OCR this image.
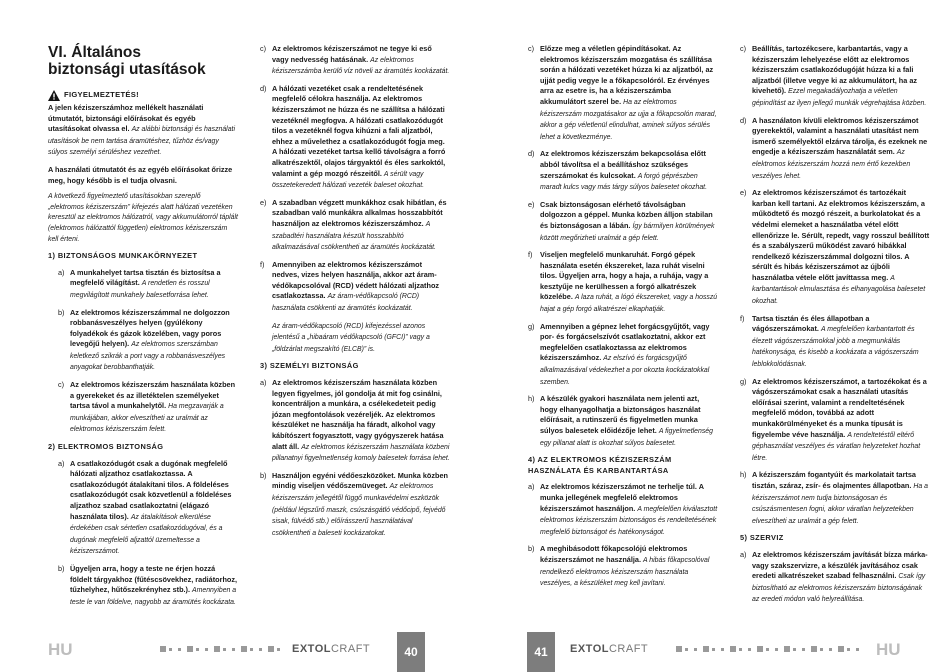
VI. Általános
biztonsági utasítások
FIGYELMEZTETÉS!

A jelen kéziszerszámhoz mellékelt használati útmutatót, biztonsági előírásokat és egyéb utasításokat olvassa el. Az alábbi biztonsági és használati utasítások be nem tartása áramütéshez, tűzhöz és/vagy súlyos személyi sérüléshez vezethet.

A használati útmutatót és az egyéb előírásokat őrizze meg, hogy később is el tudja olvasni.

A következő figyelmeztető utasításokban szereplő „elektromos kéziszerszám” kifejezés alatt hálózati vezetéken keresztül az elektromos hálózatról, vagy akkumulátorról táplált (elektromos hálózattól független) elektromos kéziszerszám kell érteni.

1) BIZTONSÁGOS MUNKAKÖRNYEZET
a) A munkahelyet tartsa tisztán és biztosítsa a megfelelő világítást. A rendetlen és rosszul megvilágított munkahely balesetforrása lehet.
b) Az elektromos kéziszerszámmal ne dolgozzon robbanásveszélyes helyen (gyúlékony folyadékok és gázok közelében, vagy poros levegőjű helyen). Az elektromos szerszámban keletkező szikrák a port vagy a robbanásveszélyes anyagokat berobbanthatják.
c) Az elektromos kéziszerszám használata közben a gyerekeket és az illetéktelen személyeket tartsa távol a munkahelytől. Ha megzavarják a munkájában, akkor elveszítheti az uralmát az elektromos kéziszerszám felett.
2) ELEKTROMOS BIZTONSÁG
a) A csatlakozódugót csak a dugónak megfelelő hálózati aljzathoz csatlakoztassa. A csatlakozódugót átalakítani tilos. A földeléses csatlakozódugót csak közvetlenül a földeléses aljzathoz szabad csatlakoztatni (elágazó használata tilos). Az átalakítások elkerülése érdekében csak sértetlen csatlakozódugóval, és a dugónak megfelelő aljzattól üzemeltesse a kéziszerszámot.
b) Ügyeljen arra, hogy a teste ne érjen hozzá földelt tárgyakhoz (fűtéscsövekhez, radiátorhoz, tűzhelyhez, hűtőszekrényhez stb.). Amennyiben a teste le van földelve, nagyobb az áramütés kockázata.
c) Az elektromos kéziszerszámot ne tegye ki eső vagy nedvesség hatásának. Az elektromos kéziszerszámba kerülő víz növeli az áramütés kockázatát.
d) A hálózati vezetéket csak a rendeltetésének megfelelő célokra használja. Az elektromos kéziszerszámot ne húzza és ne szállítsa a hálózati vezetéknél megfogva. A hálózati csatlakozódugót tilos a vezetéknél fogva kihúzni a fali aljzatból, ehhez a művelethez a csatlakozódugót fogja meg. A hálózati vezetéket tartsa kellő távolságra a forró alkatrészektől, olajos tárgyaktól és éles sarkoktól, valamint a gép mozgó részeitől. A sérült vagy összetekeredett hálózati vezeték baleset okozhat.
e) A szabadban végzett munkákhoz csak hibátlan, és szabadban való munkákra alkalmas hosszabbítót használjon az elektromos kéziszerszámhoz. A szabadtéri használatra készült hosszabbító alkalmazásával csökkentheti az áramütés kockázatát.
f)	Amennyiben az elektromos kéziszerszámot nedves, vizes helyen használja, akkor azt áram-védőkapcsolóval (RCD) védett hálózati aljzathoz csatlakoztassa. Az áram-védőkapcsoló (RCD) használata csökkenti az áramütés kockázatát.
Az áram-védőkapcsoló (RCD) kifejezéssel azonos jelentésű a „hibaáram védőkapcsoló (GFCI)” vagy a „földzárlat megszakító (ELCB)” is.
3) SZEMÉLYI BIZTONSÁG
a) Az elektromos kéziszerszám használata közben legyen figyelmes, jól gondolja át mit fog csinálni, koncentráljon a munkára, a csélekedeteit pedig józan megfontolások vezéreljék. Az elektromos készüléket ne használja ha fáradt, alkohol vagy kábítószert fogyasztott, vagy gyógyszerek hatása alatt áll. Az elektromos kéziszerszám használata közbeni pillanatnyi figyelmetlenség komoly balesetek forrása lehet.
b) Használjon egyéni védőeszközöket. Munka közben mindig viseljen védőszemüveget. Az elektromos kéziszerszám jellegétől függő munkavédelmi eszközök (például légszűrő maszk, csúszásgátló védőcipő, fejvédő sisak, fülvédő stb.) előírásszerű használatával csökkentheti a baleseti kockázatokat.
c) Előzze meg a véletlen gépindításokat. Az elektromos kéziszerszám mozgatása és szállítása során a hálózati vezetéket húzza ki az aljzatból, az ujját pedig vegye le a főkapcsolóról. Ez érvényes arra az esetre is, ha a kéziszerszámba akkumulátort szerel be. Ha az elektromos kéziszerszám mozgatásakor az ujja a főkapcsolón marad, akkor a gép véletlenül elindulhat, aminek súlyos sérülés lehet a következménye.
d) Az elektromos kéziszerszám bekapcsolása előtt abból távolítsa el a beállításhoz szükséges szerszámokat és kulcsokat. A forgó géprészben maradt kulcs vagy más tárgy súlyos balesetet okozhat.
e) Csak biztonságosan elérhető távolságban dolgozzon a géppel. Munka közben álljon stabilan és biztonságosan a lábán. Így bármilyen körülmények között megőrizheti uralmát a gép felett.
f)	Viseljen megfelelő munkaruhát. Forgó gépek használata esetén ékszereket, laza ruhát viselni tilos. Ügyeljen arra, hogy a haja, a ruhája, vagy a kesztyűje ne kerülhessen a forgó alkatrészek közelébe. A laza ruhát, a lógó ékszereket, vagy a hosszú hajat a gép forgó alkatrészei elkaphatják.
g) Amennyiben a gépnez lehet forgácsgyűjtőt, vagy por- és forgácselszívót csatlakoztatni, akkor ezt megfelelően csatlakoztassa az elektromos kéziszerszámhoz. Az elszívó és forgácsgyűjtő alkalmazásával védekezhet a por okozta kockázatokkal szemben.
h) A készülék gyakori használata nem jelenti azt, hogy elhanyagolhatja a biztonságos használat előírásait, a rutinszerű és figyelmetlen munka súlyos balesetek előidézője lehet. A figyelmetlenség egy pillanat alatt is okozhat súlyos balesetet.
4) AZ ELEKTROMOS KÉZISZERSZÁM HASZNÁLATA ÉS KARBANTARTÁSA
a) Az elektromos kéziszerszámot ne terhelje túl. A munka jellegének megfelelő elektromos kéziszerszámot használjon. A megfelelően kiválasztott elektromos kéziszerszám biztonságos és rendeltetésének megfelelő biztonságot és hatékonyságot.
b) A meghibásodott főkapcsolójú elektromos kéziszerszámot ne használja. A hibás főkapcsolóval rendelkező elektromos kéziszerszám használata veszélyes, a készüléket meg kell javítani.
c) Beállítás, tartozékcsere, karbantartás, vagy a kéziszerszám lehelyezése előtt az elektromos kéziszerszám csatlakozódugóját húzza ki a fali aljzatból (illetve vegye ki az akkumulátort, ha az kivehető). Ezzel megakadályozhatja a véletlen gépindítást az ilyen jellegű munkák végrehajtása közben.
d) A használaton kívüli elektromos kéziszerszámot gyerekektől, valamint a használati utasítást nem ismerő személyektől elzárva tárolja, és ezeknek ne engedje a kéziszerszám használatát sem. Az elektromos kéziszerszám hozzá nem értő kezekben veszélyes lehet.
e) Az elektromos kéziszerszámot és tartozékait karban kell tartani. Az elektromos kéziszerszám, a működtető és mozgó részeit, a burkolatokat és a védelmi elemeket a használatba vétel előtt ellenőrizze le. Sérült, repedt, vagy rosszul beállított és a szabályszerű működést zavaró hibákkal rendelkező kéziszerszámmal dolgozni tilos. A sérült és hibás kéziszerszámot az újbóli használatba vétele előtt javíttassa meg. A karbantartások elmulasztása és elhanyagolása balesetet okozhat.
f)	Tartsa tisztán és éles állapotban a vágószerszámokat. A megfelelően karbantartott és élezett vágószerszámokkal jobb a megmunkálás hatékonysága, és kisebb a kockázata a vágószerszám leblokkolódásnak.
g) Az elektromos kéziszerszámot, a tartozékokat és a vágószerszámokat csak a használati utasítás előírásai szerint, valamint a rendeltetésének megfelelő módon, továbbá az adott munkakörülményeket és a munka típusát is figyelembe véve használja. A rendeltetéstől eltérő géphasználat veszélyes és váratlan helyzeteket hozhat létre.
h) A kéziszerszám fogantyúit és markolatait tartsa tisztán, száraz, zsír- és olajmentes állapotban. Ha a kéziszerszámot nem tudja biztonságosan és csúszásmentesen fogni, akkor váratlan helyzetekben elveszítheti az uralmát a gép felett.
5) SZERVIZ
a) Az elektromos kéziszerszám javítását bízza márka- vagy szakszervizre, a készülék javításához csak eredeti alkatrészeket szabad felhasználni. Csak így biztosítható az elektromos kéziszerszám biztonságának az eredeti módon való helyreállítása.
HU	HU
EXTOLCRAFT	40	41	EXTOLCRAFT
